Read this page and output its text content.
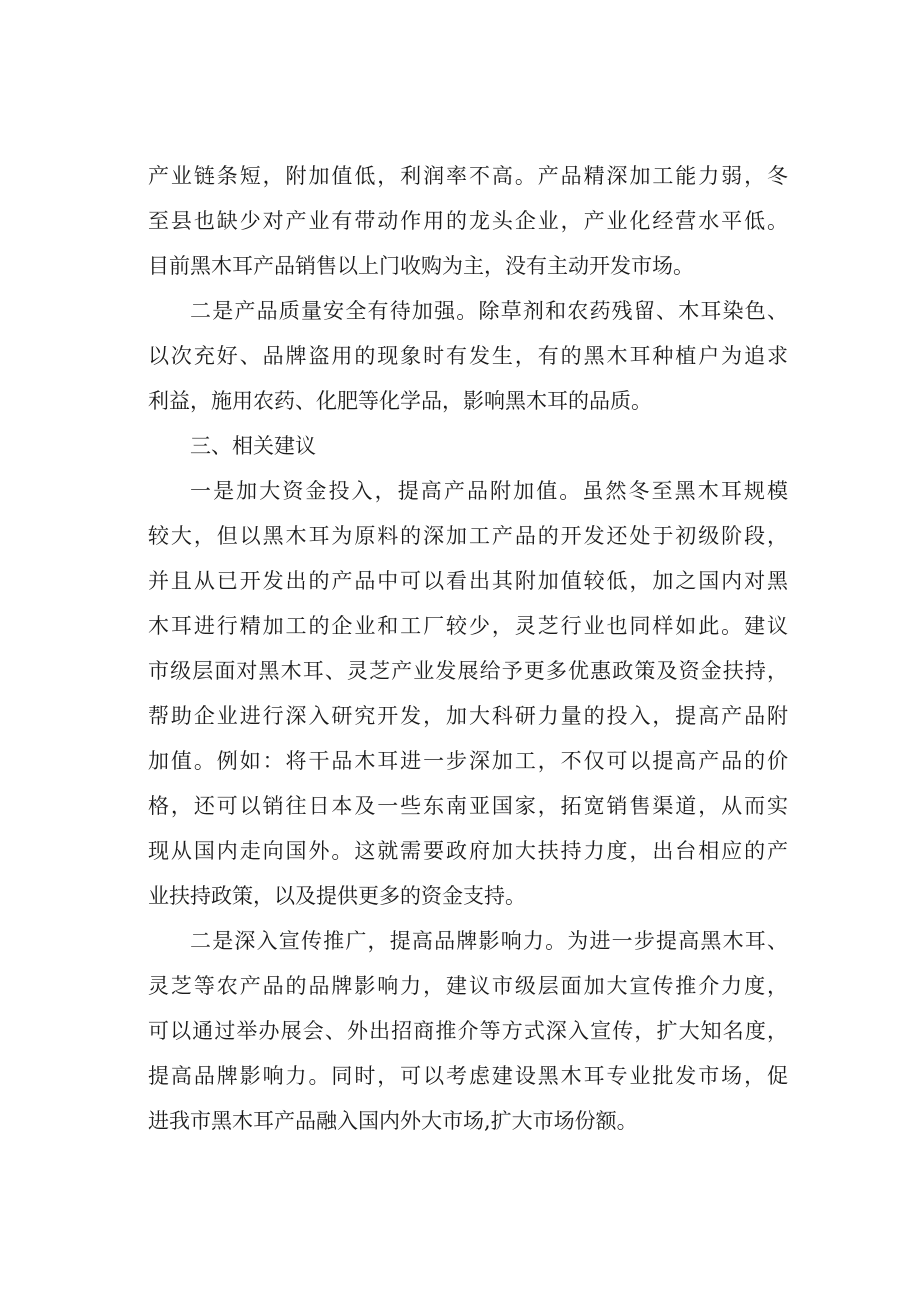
产业链条短，附加值低，利润率不高。产品精深加工能力弱，冬
至县也缺少对产业有带动作用的龙头企业，产业化经营水平低。
目前黑木耳产品销售以上门收购为主，没有主动开发市场。
二是产品质量安全有待加强。除草剂和农药残留、木耳染色、
以次充好、品牌盗用的现象时有发生，有的黑木耳种植户为追求
利益，施用农药、化肥等化学品，影响黑木耳的品质。
三、相关建议
一是加大资金投入，提高产品附加值。虽然冬至黑木耳规模
较大，但以黑木耳为原料的深加工产品的开发还处于初级阶段，
并且从已开发出的产品中可以看出其附加值较低，加之国内对黑
木耳进行精加工的企业和工厂较少，灵芝行业也同样如此。建议
市级层面对黑木耳、灵芝产业发展给予更多优惠政策及资金扶持，
帮助企业进行深入研究开发，加大科研力量的投入，提高产品附
加值。例如：将干品木耳进一步深加工，不仅可以提高产品的价
格，还可以销往日本及一些东南亚国家，拓宽销售渠道，从而实
现从国内走向国外。这就需要政府加大扶持力度，出台相应的产
业扶持政策，以及提供更多的资金支持。
二是深入宣传推广，提高品牌影响力。为进一步提高黑木耳、
灵芝等农产品的品牌影响力，建议市级层面加大宣传推介力度，
可以通过举办展会、外出招商推介等方式深入宣传，扩大知名度，
提高品牌影响力。同时，可以考虑建设黑木耳专业批发市场，促
进我市黑木耳产品融入国内外大市场,扩大市场份额。
